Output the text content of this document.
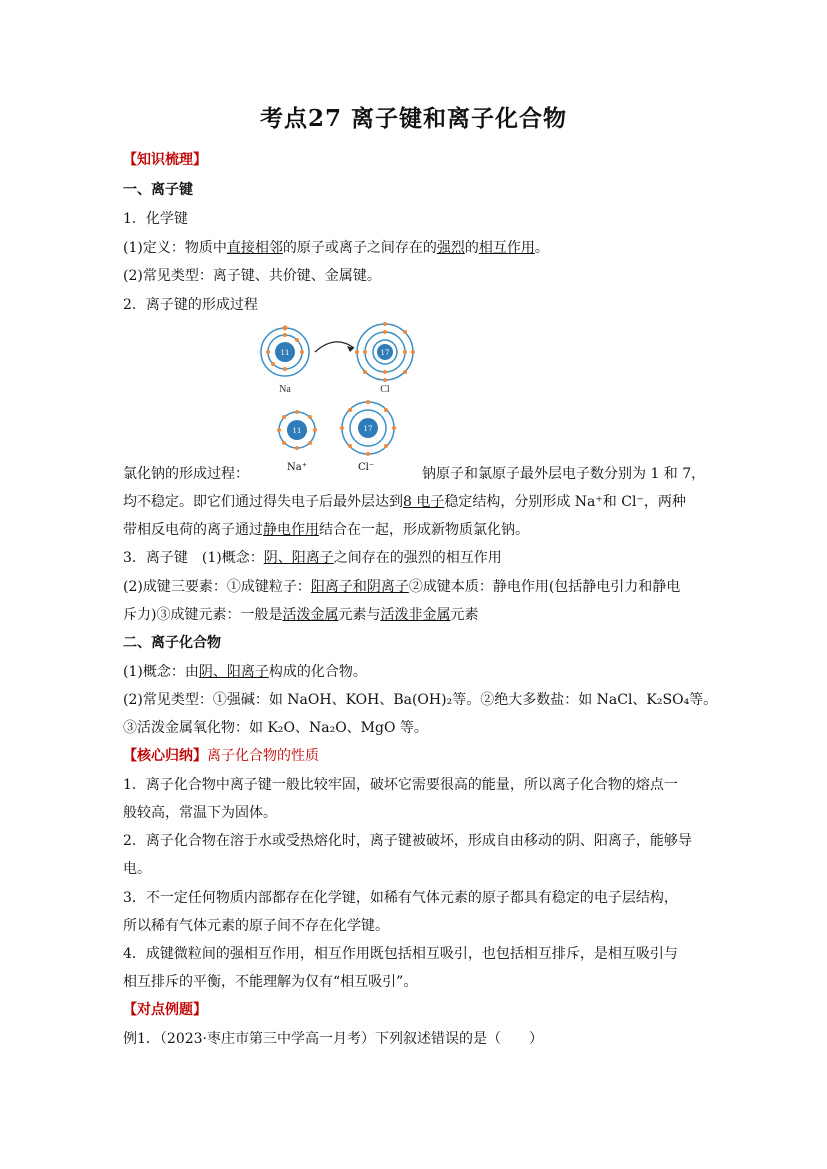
考点27 离子键和离子化合物
【知识梳理】
一、离子键
1．化学键
(1)定义：物质中直接相邻的原子或离子之间存在的强烈的相互作用。
(2)常见类型：离子键、共价键、金属键。
2．离子键的形成过程
11
Na
17
Cl
11	17
Na⁺	Cl⁻
氯化钠的形成过程：	钠原子和氯原子最外层电子数分别为 1 和 7，
均不稳定。即它们通过得失电子后最外层达到8 电子稳定结构，分别形成 Na⁺和 Cl⁻，两种
带相反电荷的离子通过静电作用结合在一起，形成新物质氯化钠。
3．离子键　(1)概念：阴、阳离子之间存在的强烈的相互作用
(2)成键三要素：①成键粒子：阳离子和阴离子②成键本质：静电作用(包括静电引力和静电
斥力)③成键元素：一般是活泼金属元素与活泼非金属元素
二、离子化合物
(1)概念：由阴、阳离子构成的化合物。
(2)常见类型：①强碱：如 NaOH、KOH、Ba(OH)₂等。②绝大多数盐：如 NaCl、K₂SO₄等。
③活泼金属氧化物：如 K₂O、Na₂O、MgO 等。
【核心归纳】离子化合物的性质
1．离子化合物中离子键一般比较牢固，破坏它需要很高的能量，所以离子化合物的熔点一
般较高，常温下为固体。
2．离子化合物在溶于水或受热熔化时，离子键被破坏，形成自由移动的阴、阳离子，能够导
电。
3．不一定任何物质内部都存在化学键，如稀有气体元素的原子都具有稳定的电子层结构，
所以稀有气体元素的原子间不存在化学键。
4．成键微粒间的强相互作用，相互作用既包括相互吸引，也包括相互排斥，是相互吸引与
相互排斥的平衡，不能理解为仅有“相互吸引”。
【对点例题】
例1．（2023·枣庄市第三中学高一月考）下列叙述错误的是（　　）
